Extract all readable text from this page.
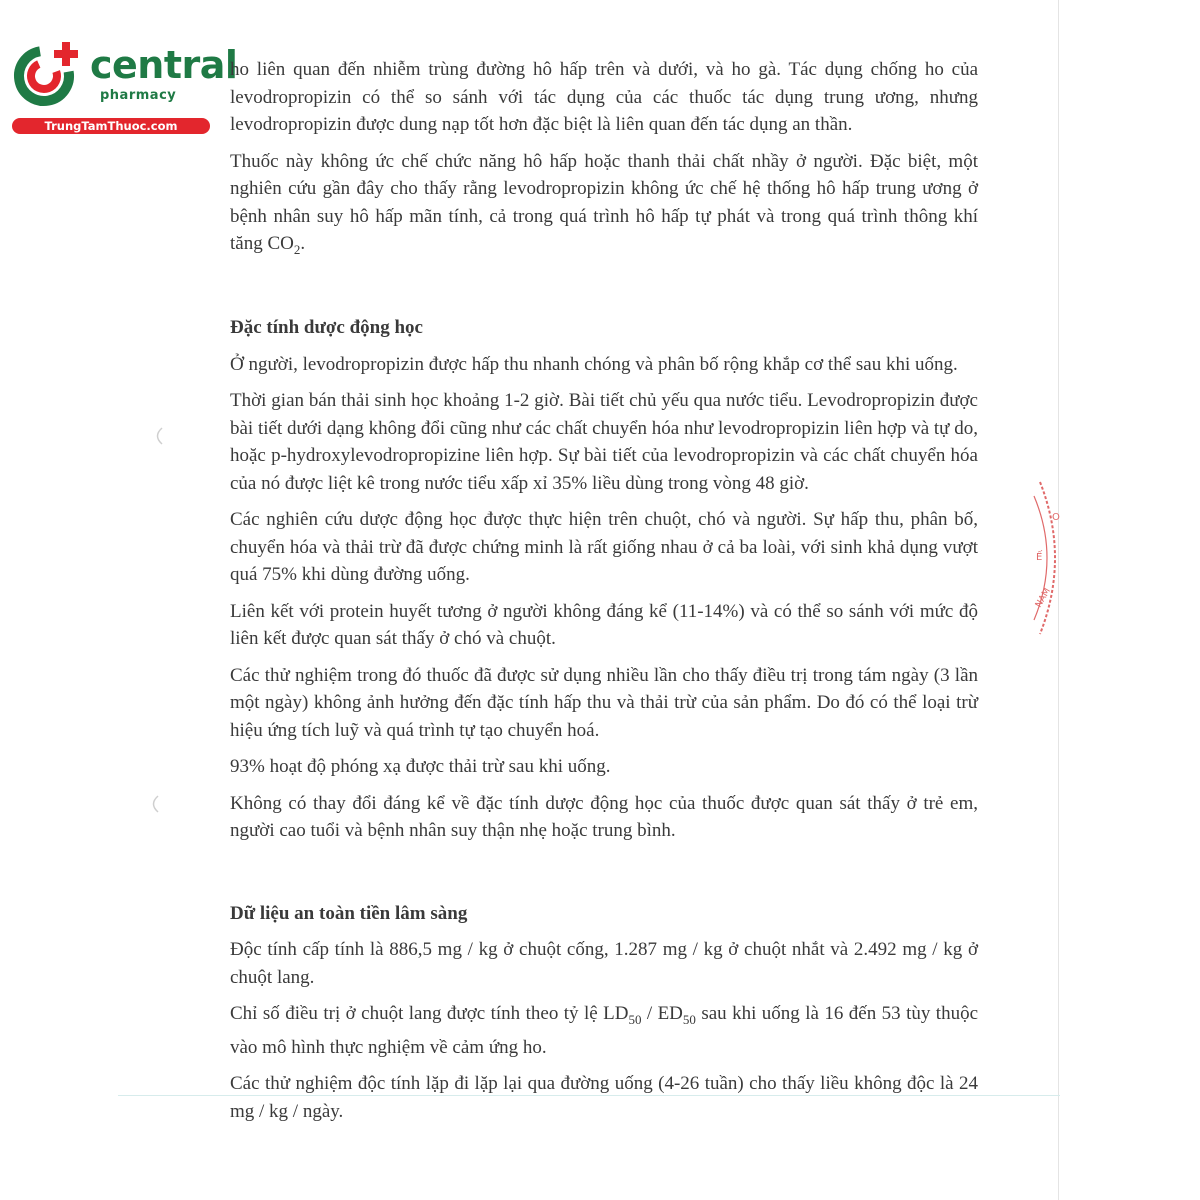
central
pharmacy
TrungTamThuoc.com

ho liên quan đến nhiễm trùng đường hô hấp trên và dưới, và ho gà. Tác dụng chống ho của levodropropizin có thể so sánh với tác dụng của các thuốc tác dụng trung ương, nhưng levodropropizin được dung nạp tốt hơn đặc biệt là liên quan đến tác dụng an thần.

Thuốc này không ức chế chức năng hô hấp hoặc thanh thải chất nhầy ở người. Đặc biệt, một nghiên cứu gần đây cho thấy rằng levodropropizin không ức chế hệ thống hô hấp trung ương ở bệnh nhân suy hô hấp mãn tính, cả trong quá trình hô hấp tự phát và trong quá trình thông khí tăng $CO_2$.

Đặc tính dược động học

Ở người, levodropropizin được hấp thu nhanh chóng và phân bố rộng khắp cơ thể sau khi uống.

Thời gian bán thải sinh học khoảng 1-2 giờ. Bài tiết chủ yếu qua nước tiểu. Levodropropizin được bài tiết dưới dạng không đổi cũng như các chất chuyển hóa như levodropropizin liên hợp và tự do, hoặc p-hydroxylevodropropizine liên hợp. Sự bài tiết của levodropropizin và các chất chuyển hóa của nó được liệt kê trong nước tiểu xấp xỉ 35% liều dùng trong vòng 48 giờ.

Các nghiên cứu dược động học được thực hiện trên chuột, chó và người. Sự hấp thu, phân bố, chuyển hóa và thải trừ đã được chứng minh là rất giống nhau ở cả ba loài, với sinh khả dụng vượt quá 75% khi dùng đường uống.

Liên kết với protein huyết tương ở người không đáng kể (11-14%) và có thể so sánh với mức độ liên kết được quan sát thấy ở chó và chuột.

Các thử nghiệm trong đó thuốc đã được sử dụng nhiều lần cho thấy điều trị trong tám ngày (3 lần một ngày) không ảnh hưởng đến đặc tính hấp thu và thải trừ của sản phẩm. Do đó có thể loại trừ hiệu ứng tích luỹ và quá trình tự tạo chuyển hoá.

93% hoạt độ phóng xạ được thải trừ sau khi uống.

Không có thay đổi đáng kể về đặc tính dược động học của thuốc được quan sát thấy ở trẻ em, người cao tuổi và bệnh nhân suy thận nhẹ hoặc trung bình.

Dữ liệu an toàn tiền lâm sàng

Độc tính cấp tính là 886,5 mg / kg ở chuột cống, 1.287 mg / kg ở chuột nhắt và 2.492 mg / kg ở chuột lang.

Chỉ số điều trị ở chuột lang được tính theo tỷ lệ $LD_{50} / ED_{50}$ sau khi uống là 16 đến 53 tùy thuộc vào mô hình thực nghiệm về cảm ứng ho.

Các thử nghiệm độc tính lặp đi lặp lại qua đường uống (4-26 tuần) cho thấy liều không độc là 24 mg / kg / ngày.

O
Ế
NAM
